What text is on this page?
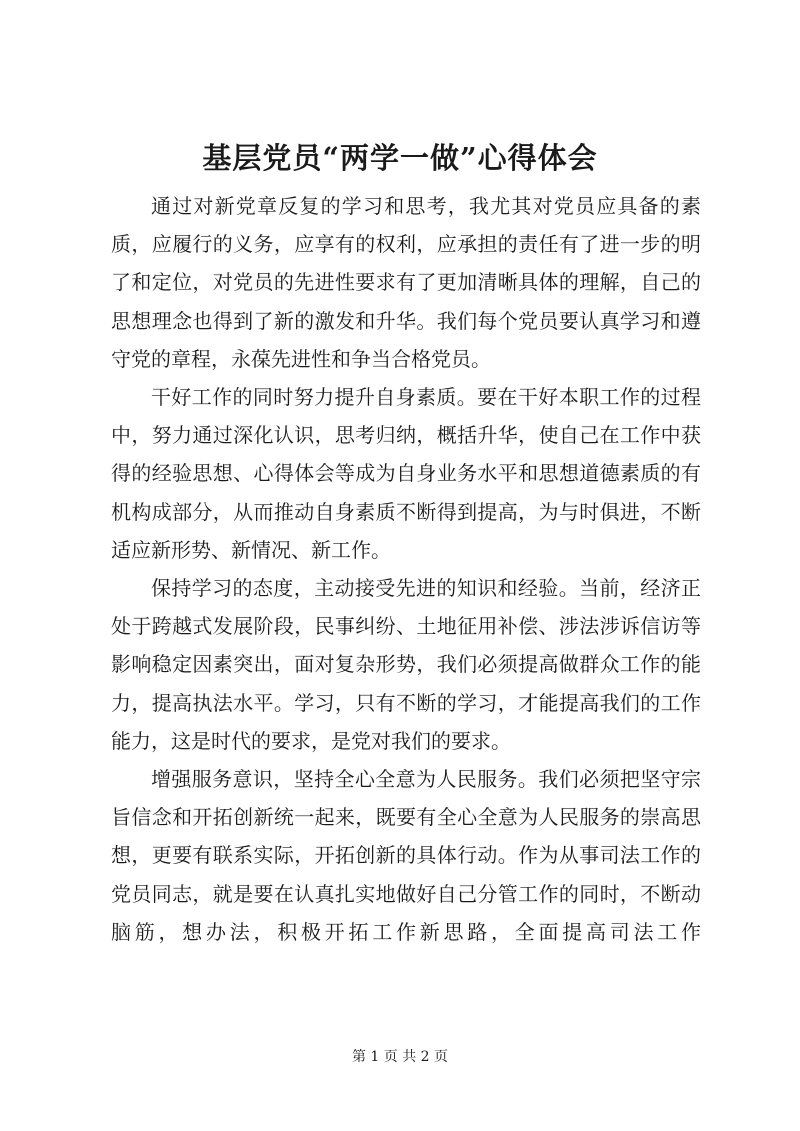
基层党员“两学一做”心得体会

通过对新党章反复的学习和思考，我尤其对党员应具备的素质，应履行的义务，应享有的权利，应承担的责任有了进一步的明了和定位，对党员的先进性要求有了更加清晰具体的理解，自己的思想理念也得到了新的激发和升华。我们每个党员要认真学习和遵守党的章程，永葆先进性和争当合格党员。

干好工作的同时努力提升自身素质。要在干好本职工作的过程中，努力通过深化认识，思考归纳，概括升华，使自己在工作中获得的经验思想、心得体会等成为自身业务水平和思想道德素质的有机构成部分，从而推动自身素质不断得到提高，为与时俱进，不断适应新形势、新情况、新工作。

保持学习的态度，主动接受先进的知识和经验。当前，经济正处于跨越式发展阶段，民事纠纷、土地征用补偿、涉法涉诉信访等影响稳定因素突出，面对复杂形势，我们必须提高做群众工作的能力，提高执法水平。学习，只有不断的学习，才能提高我们的工作能力，这是时代的要求，是党对我们的要求。

增强服务意识，坚持全心全意为人民服务。我们必须把坚守宗旨信念和开拓创新统一起来，既要有全心全意为人民服务的崇高思想，更要有联系实际，开拓创新的具体行动。作为从事司法工作的党员同志，就是要在认真扎实地做好自己分管工作的同时，不断动脑筋，想办法，积极开拓工作新思路，全面提高司法工作

第 1 页 共 2 页
